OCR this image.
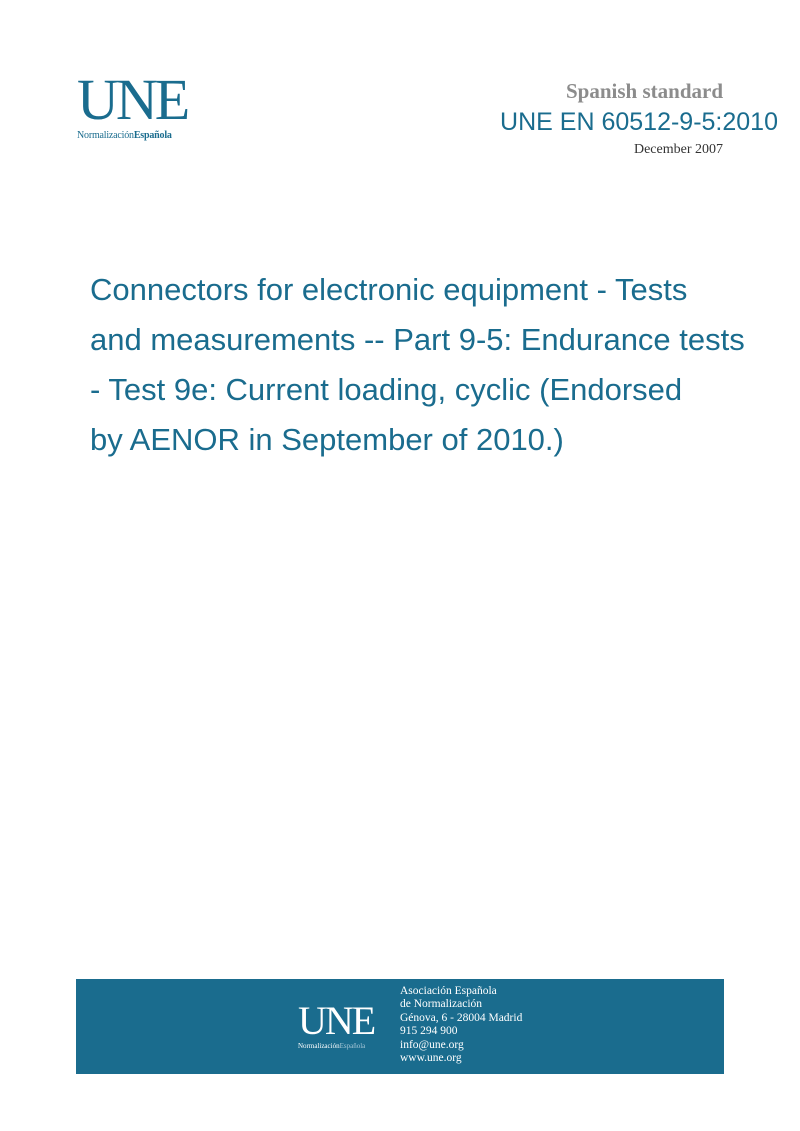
UNE
NormalizaciónEspañola
Spanish standard
UNE EN 60512-9-5:2010
December 2007
Connectors for electronic equipment - Tests
and measurements -- Part 9-5: Endurance tests
- Test 9e: Current loading, cyclic (Endorsed
by AENOR in September of 2010.)
UNE
NormalizaciónEspañola
Asociación Española
de Normalización
Génova, 6 - 28004 Madrid
915 294 900
info@une.org
www.une.org
